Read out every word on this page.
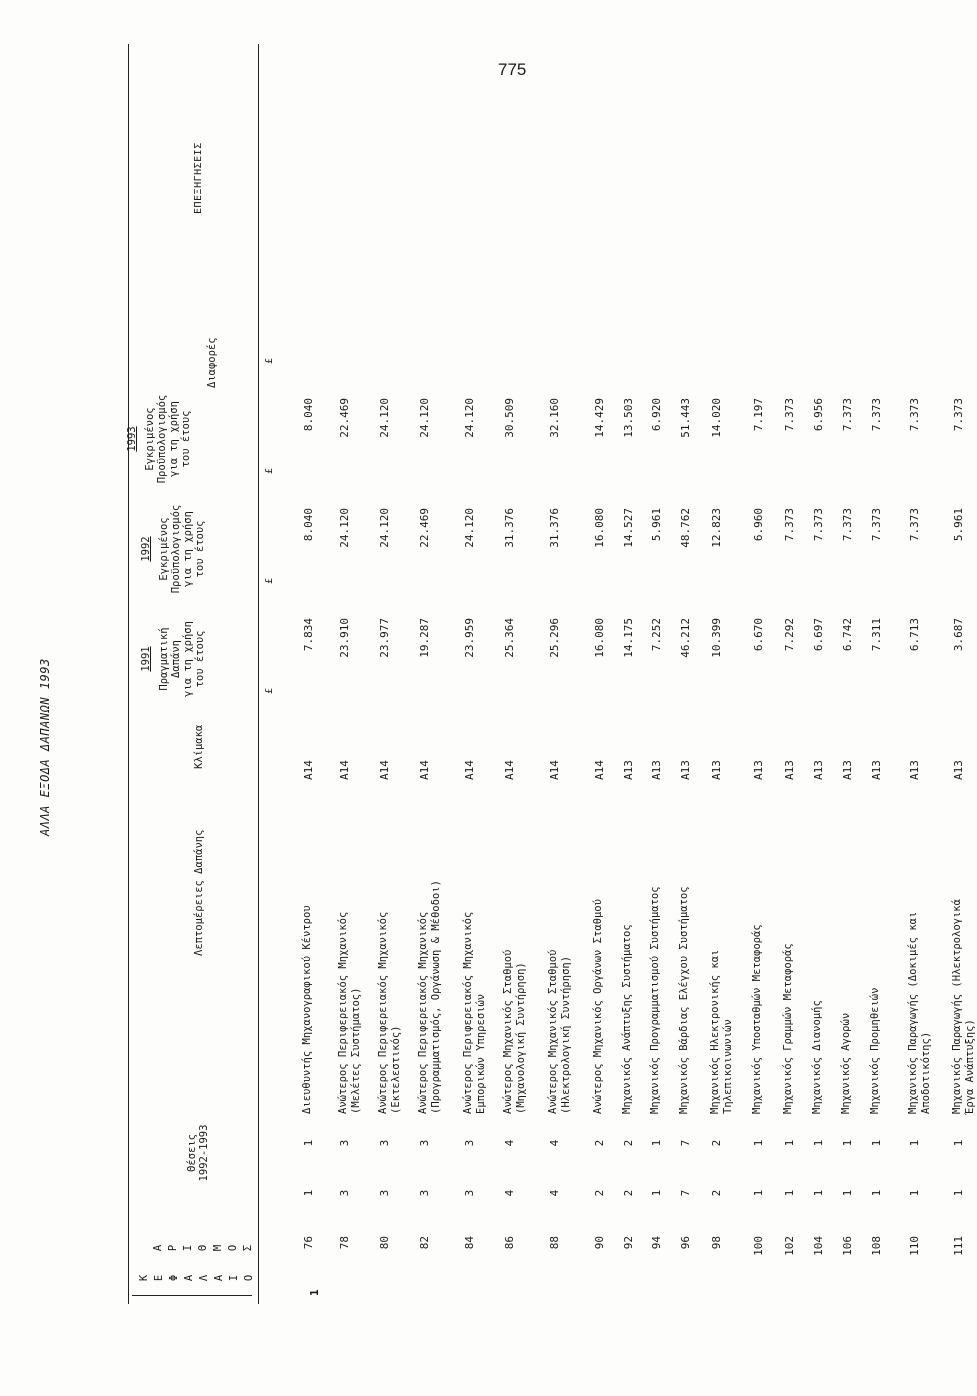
775
ΑΛΛΑ ΕΞΟΔΑ ΔΑΠΑΝΩΝ 1993
Κ Ε Φ Α Λ Α Ι Ο
Α Ρ Ι Θ Μ Ο Σ
Θέσεις 1992-1993
Λεπτομέρειες Δαπάνης
Κλίμακα
1991 Πραγματική Δαπάνη για τη χρήση του έτους
1992 Εγκριμένος Προϋπολογισμός για τη χρήση του έτους
1993 Εγκριμένος Προϋπολογισμός για τη χρήση του έτους
Διαφορές
ΕΠΕΞΗΓΗΣΕΙΣ
£
£
£
£
1
76
1
1
Α14
7.834
8.040
8.040
Διευθυντής Μηχανογραφικού Κέντρου
78
3
3
Α14
23.910
24.120
22.469
Ανώτερος Περιφερειακός Μηχανικός (Μελέτες Συστήματος)
80
3
3
Α14
23.977
24.120
24.120
Ανώτερος Περιφερειακός Μηχανικός (Εκτελεστικός)
82
3
3
Α14
19.287
22.469
24.120
Ανώτερος Περιφερειακός Μηχανικός (Προγραμματισμός, Οργάνωση & Μέθοδοι)
84
3
3
Α14
23.959
24.120
24.120
Ανώτερος Περιφερειακός Μηχανικός Εμπορικών Υπηρεσιών
86
4
4
Α14
25.364
31.376
30.509
Ανώτερος Μηχανικός Σταθμού (Μηχανολογική Συντήρηση)
88
4
4
Α14
25.296
31.376
32.160
Ανώτερος Μηχανικός Σταθμού (Ηλεκτρολογική Συντήρηση)
90
2
2
Α14
16.080
16.080
14.429
Ανώτερος Μηχανικός Οργάνων Σταθμού
92
2
2
Α13
14.175
14.527
13.503
Μηχανικός Ανάπτυξης Συστήματος
94
1
1
Α13
7.252
5.961
6.920
Μηχανικός Προγραμματισμού Συστήματος
96
7
7
Α13
46.212
48.762
51.443
Μηχανικός Βάρδιας Ελέγχου Συστήματος
98
2
2
Α13
10.399
12.823
14.020
Μηχανικός Ηλεκτρονικής και Τηλεπικοινωνιών
100
1
1
Α13
6.670
6.960
7.197
Μηχανικός Υποσταθμών Μεταφοράς
102
1
1
Α13
7.292
7.373
7.373
Μηχανικός Γραμμών Μεταφοράς
104
1
1
Α13
6.697
7.373
6.956
Μηχανικός Διανομής
106
1
1
Α13
6.742
7.373
7.373
Μηχανικός Αγορών
108
1
1
Α13
7.311
7.373
7.373
Μηχανικός Προμηθειών
110
1
1
Α13
6.713
7.373
7.373
Μηχανικός Παραγωγής (Δοκιμές και Αποδοτικότης)
111
1
1
Α13
3.687
5.961
7.373
Μηχανικός Παραγωγής (Ηλεκτρολογικά Έργα Ανάπτυξης)
